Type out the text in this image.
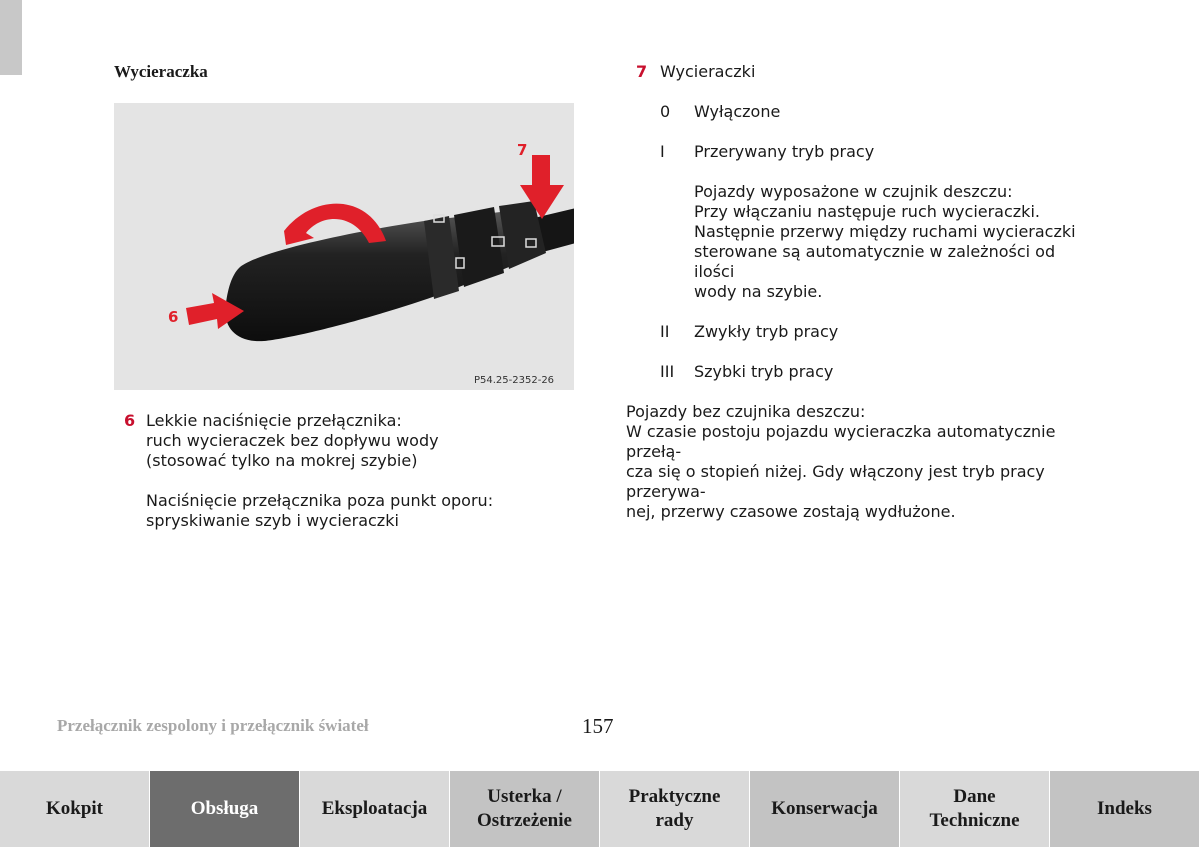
Wycieraczka
7
6
P54.25-2352-26
6 Lekkie naciśnięcie przełącznika:
ruch wycieraczek bez dopływu wody
(stosować tylko na mokrej szybie)

Naciśnięcie przełącznika poza punkt oporu:
spryskiwanie szyb i wycieraczki

7 Wycieraczki
0 Wyłączone
I Przerywany tryb pracy
Pojazdy wyposażone w czujnik deszczu:
Przy włączaniu następuje ruch wycieraczki.
Następnie przerwy między ruchami wycieraczki
sterowane są automatycznie w zależności od ilości
wody na szybie.
II Zwykły tryb pracy
III Szybki tryb pracy
Pojazdy bez czujnika deszczu:
W czasie postoju pojazdu wycieraczka automatycznie przełą-
cza się o stopień niżej. Gdy włączony jest tryb pracy przerywa-
nej, przerwy czasowe zostają wydłużone.
Przełącznik zespolony i przełącznik świateł	157
Kokpit	Obsługa	Eksploatacja
Usterka /
Ostrzeżenie
Praktyczne
rady
Konserwacja
Dane
Techniczne
Indeks
